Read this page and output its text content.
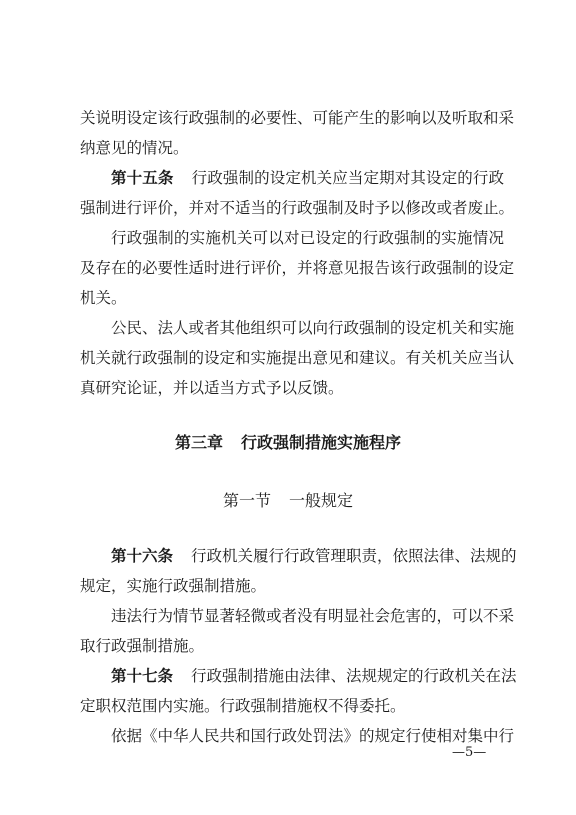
关说明设定该行政强制的必要性、可能产生的影响以及听取和采
纳意见的情况。
第十五条 行政强制的设定机关应当定期对其设定的行政
强制进行评价，并对不适当的行政强制及时予以修改或者废止。
行政强制的实施机关可以对已设定的行政强制的实施情况
及存在的必要性适时进行评价，并将意见报告该行政强制的设定
机关。
公民、法人或者其他组织可以向行政强制的设定机关和实施
机关就行政强制的设定和实施提出意见和建议。有关机关应当认
真研究论证，并以适当方式予以反馈。
第三章 行政强制措施实施程序
第一节 一般规定
第十六条 行政机关履行行政管理职责，依照法律、法规的
规定，实施行政强制措施。
违法行为情节显著轻微或者没有明显社会危害的，可以不采
取行政强制措施。
第十七条 行政强制措施由法律、法规规定的行政机关在法
定职权范围内实施。行政强制措施权不得委托。
依据《中华人民共和国行政处罚法》的规定行使相对集中行
—5—
